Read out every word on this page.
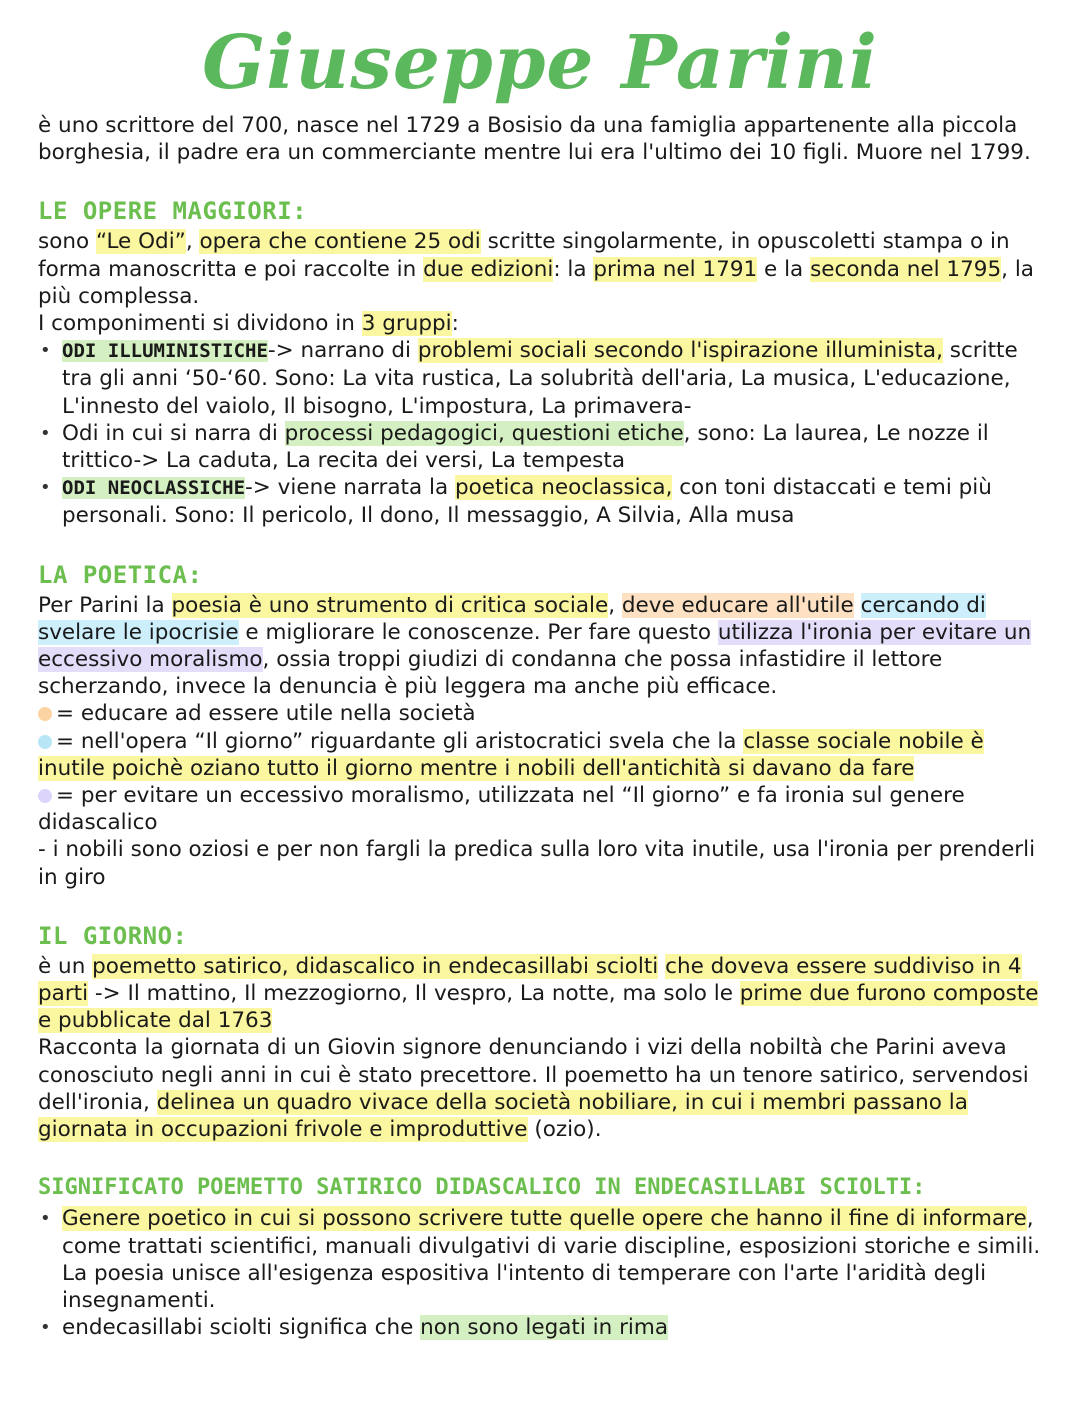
Giuseppe Parini

è uno scrittore del 700, nasce nel 1729 a Bosisio da una famiglia appartenente alla piccola borghesia, il padre era un commerciante mentre lui era l'ultimo dei 10 figli. Muore nel 1799.

LE OPERE MAGGIORI:

sono “Le Odi”, opera che contiene 25 odi scritte singolarmente, in opuscoletti stampa o in forma manoscritta e poi raccolte in due edizioni: la prima nel 1791 e la seconda nel 1795, la più complessa.

I componimenti si dividono in 3 gruppi:

• ODI ILLUMINISTICHE-> narrano di problemi sociali secondo l'ispirazione illuminista, scritte tra gli anni ‘50-‘60. Sono: La vita rustica, La solubrità dell'aria, La musica, L'educazione, L'innesto del vaiolo, Il bisogno, L'impostura, La primavera-
• Odi in cui si narra di processi pedagogici, questioni etiche, sono: La laurea, Le nozze il trittico-> La caduta, La recita dei versi, La tempesta
• ODI NEOCLASSICHE-> viene narrata la poetica neoclassica, con toni distaccati e temi più personali. Sono: Il pericolo, Il dono, Il messaggio, A Silvia, Alla musa
LA POETICA:

Per Parini la poesia è uno strumento di critica sociale, deve educare all'utile cercando di svelare le ipocrisie e migliorare le conoscenze. Per fare questo utilizza l'ironia per evitare un eccessivo moralismo, ossia troppi giudizi di condanna che possa infastidire il lettore scherzando, invece la denuncia è più leggera ma anche più efficace.

= educare ad essere utile nella società

= nell'opera “Il giorno” riguardante gli aristocratici svela che la classe sociale nobile è inutile poichè oziano tutto il giorno mentre i nobili dell'antichità si davano da fare

= per evitare un eccessivo moralismo, utilizzata nel “Il giorno” e fa ironia sul genere didascalico

- i nobili sono oziosi e per non fargli la predica sulla loro vita inutile, usa l'ironia per prenderli in giro

IL GIORNO:

è un poemetto satirico, didascalico in endecasillabi sciolti che doveva essere suddiviso in 4 parti -> Il mattino, Il mezzogiorno, Il vespro, La notte, ma solo le prime due furono composte e pubblicate dal 1763

Racconta la giornata di un Giovin signore denunciando i vizi della nobiltà che Parini aveva conosciuto negli anni in cui è stato precettore. Il poemetto ha un tenore satirico, servendosi dell'ironia, delinea un quadro vivace della società nobiliare, in cui i membri passano la giornata in occupazioni frivole e improduttive (ozio).

SIGNIFICATO POEMETTO SATIRICO DIDASCALICO IN ENDECASILLABI SCIOLTI:
• Genere poetico in cui si possono scrivere tutte quelle opere che hanno il fine di informare, come trattati scientifici, manuali divulgativi di varie discipline, esposizioni storiche e simili. La poesia unisce all'esigenza espositiva l'intento di temperare con l'arte l'aridità degli insegnamenti.
• endecasillabi sciolti significa che non sono legati in rima
